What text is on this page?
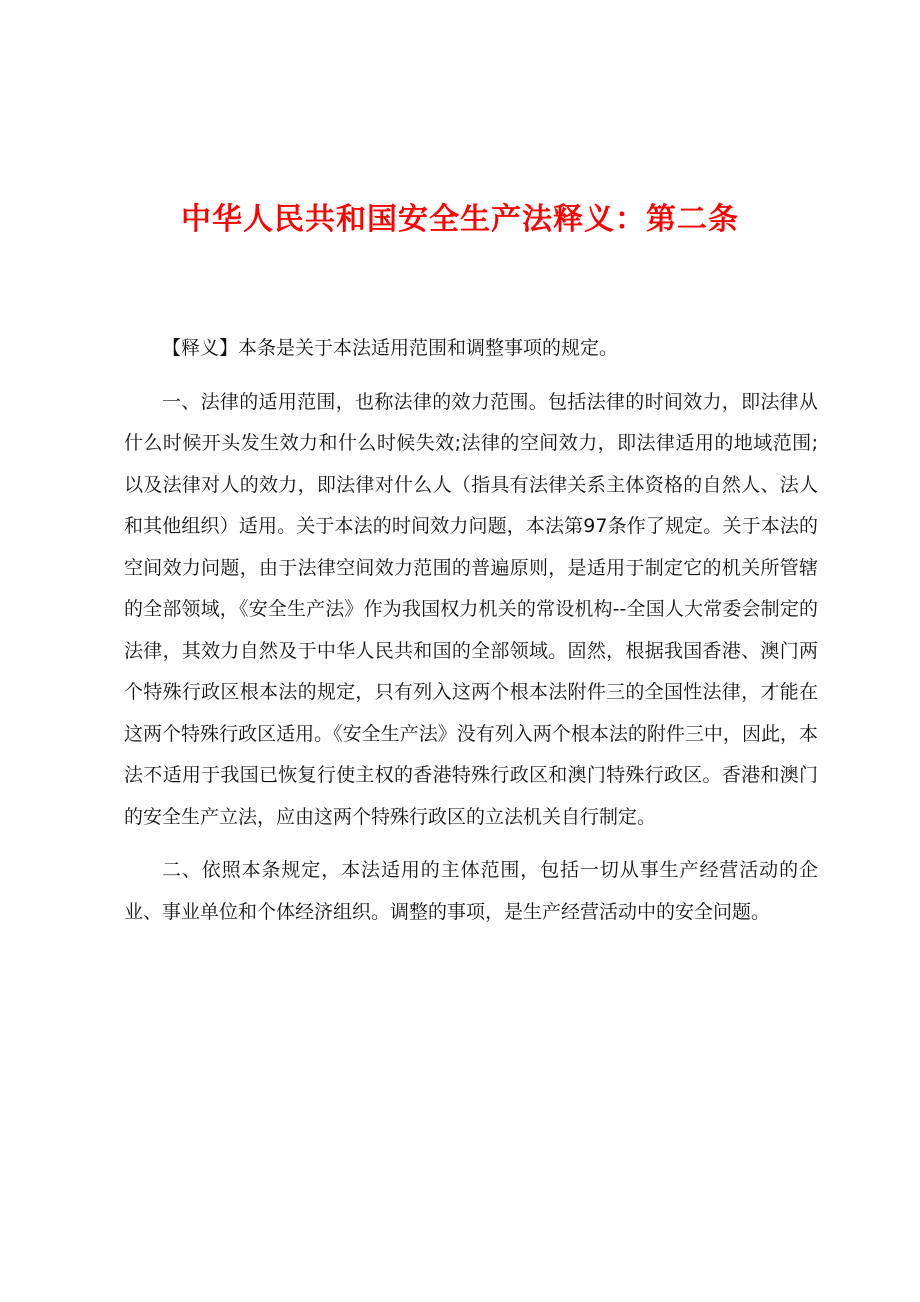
中华人民共和国安全生产法释义：第二条

【释义】本条是关于本法适用范围和调整事项的规定。

一、法律的适用范围，也称法律的效力范围。包括法律的时间效力，即法律从什么时候开头发生效力和什么时候失效;法律的空间效力，即法律适用的地域范围;以及法律对人的效力，即法律对什么人（指具有法律关系主体资格的自然人、法人和其他组织）适用。关于本法的时间效力问题，本法第97条作了规定。关于本法的空间效力问题，由于法律空间效力范围的普遍原则，是适用于制定它的机关所管辖的全部领域，《安全生产法》作为我国权力机关的常设机构--全国人大常委会制定的法律，其效力自然及于中华人民共和国的全部领域。固然，根据我国香港、澳门两个特殊行政区根本法的规定，只有列入这两个根本法附件三的全国性法律，才能在这两个特殊行政区适用。《安全生产法》没有列入两个根本法的附件三中，因此，本法不适用于我国已恢复行使主权的香港特殊行政区和澳门特殊行政区。香港和澳门的安全生产立法，应由这两个特殊行政区的立法机关自行制定。

二、依照本条规定，本法适用的主体范围，包括一切从事生产经营活动的企业、事业单位和个体经济组织。调整的事项，是生产经营活动中的安全问题。
